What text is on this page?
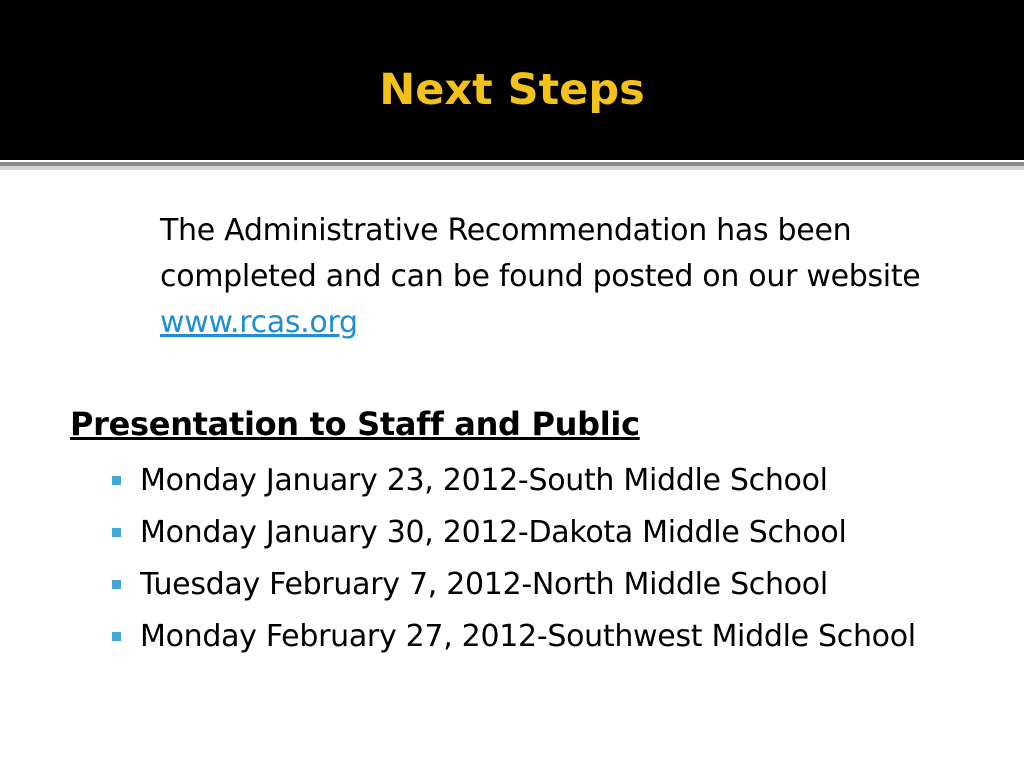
Next Steps

The Administrative Recommendation has been completed and can be found posted on our website www.rcas.org

Presentation to Staff and Public
Monday January 23, 2012-South Middle School
Monday January 30, 2012-Dakota Middle School
Tuesday February 7, 2012-North Middle School
Monday February 27, 2012-Southwest Middle School
